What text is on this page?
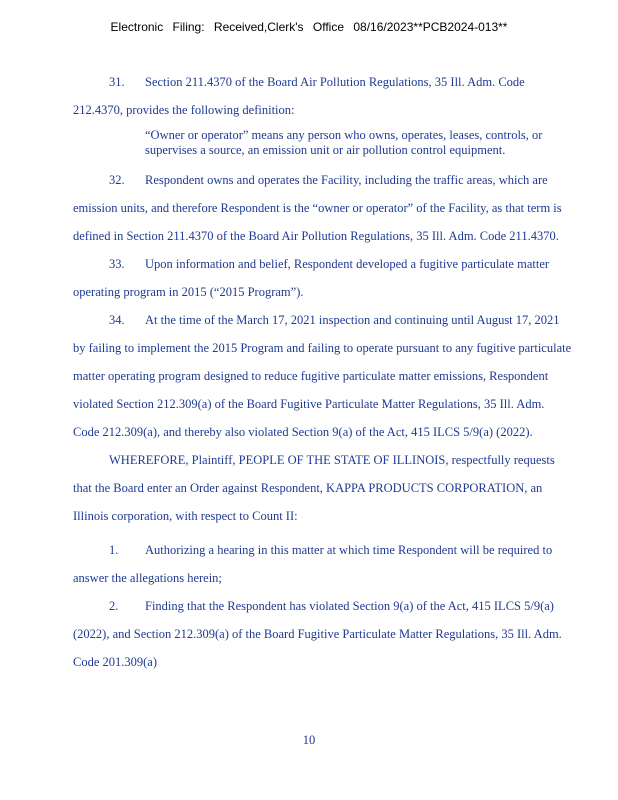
Electronic Filing: Received,Clerk's Office 08/16/2023**PCB2024-013**
31. Section 211.4370 of the Board Air Pollution Regulations, 35 Ill. Adm. Code
212.4370, provides the following definition:
“Owner or operator” means any person who owns, operates, leases, controls, or supervises a source, an emission unit or air pollution control equipment.
32. Respondent owns and operates the Facility, including the traffic areas, which are
emission units, and therefore Respondent is the “owner or operator” of the Facility, as that term is
defined in Section 211.4370 of the Board Air Pollution Regulations, 35 Ill. Adm. Code 211.4370.
33. Upon information and belief, Respondent developed a fugitive particulate matter
operating program in 2015 (“2015 Program”).
34. At the time of the March 17, 2021 inspection and continuing until August 17, 2021
by failing to implement the 2015 Program and failing to operate pursuant to any fugitive particulate
matter operating program designed to reduce fugitive particulate matter emissions, Respondent
violated Section 212.309(a) of the Board Fugitive Particulate Matter Regulations, 35 Ill. Adm.
Code 212.309(a), and thereby also violated Section 9(a) of the Act, 415 ILCS 5/9(a) (2022).
WHEREFORE, Plaintiff, PEOPLE OF THE STATE OF ILLINOIS, respectfully requests
that the Board enter an Order against Respondent, KAPPA PRODUCTS CORPORATION, an
Illinois corporation, with respect to Count II:
1. Authorizing a hearing in this matter at which time Respondent will be required to
answer the allegations herein;
2. Finding that the Respondent has violated Section 9(a) of the Act, 415 ILCS 5/9(a)
(2022), and Section 212.309(a) of the Board Fugitive Particulate Matter Regulations, 35 Ill. Adm.
Code 201.309(a)
10
